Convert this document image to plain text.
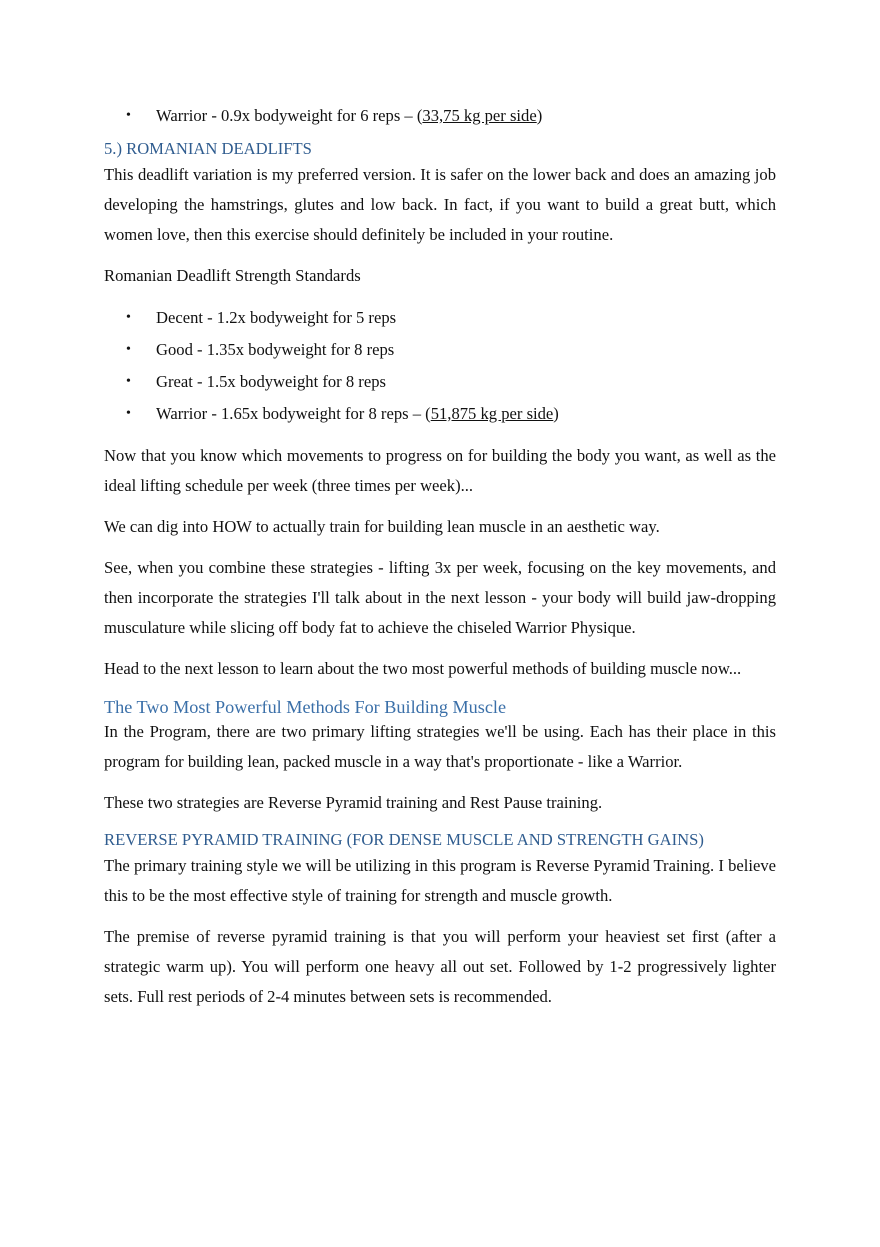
• Warrior - 0.9x bodyweight for 6 reps – (33,75 kg per side)
5.) ROMANIAN DEADLIFTS

This deadlift variation is my preferred version. It is safer on the lower back and does an amazing job developing the hamstrings, glutes and low back. In fact, if you want to build a great butt, which women love, then this exercise should definitely be included in your routine.

Romanian Deadlift Strength Standards

• Decent - 1.2x bodyweight for 5 reps
• Good - 1.35x bodyweight for 8 reps
• Great - 1.5x bodyweight for 8 reps
• Warrior - 1.65x bodyweight for 8 reps – (51,875 kg per side)

Now that you know which movements to progress on for building the body you want, as well as the ideal lifting schedule per week (three times per week)...

We can dig into HOW to actually train for building lean muscle in an aesthetic way.

See, when you combine these strategies - lifting 3x per week, focusing on the key movements, and then incorporate the strategies I'll talk about in the next lesson - your body will build jaw-dropping musculature while slicing off body fat to achieve the chiseled Warrior Physique.

Head to the next lesson to learn about the two most powerful methods of building muscle now...

The Two Most Powerful Methods For Building Muscle

In the Program, there are two primary lifting strategies we'll be using. Each has their place in this program for building lean, packed muscle in a way that's proportionate - like a Warrior.

These two strategies are Reverse Pyramid training and Rest Pause training.

REVERSE PYRAMID TRAINING (FOR DENSE MUSCLE AND STRENGTH GAINS)

The primary training style we will be utilizing in this program is Reverse Pyramid Training. I believe this to be the most effective style of training for strength and muscle growth.

The premise of reverse pyramid training is that you will perform your heaviest set first (after a strategic warm up). You will perform one heavy all out set. Followed by 1-2 progressively lighter sets. Full rest periods of 2-4 minutes between sets is recommended.
